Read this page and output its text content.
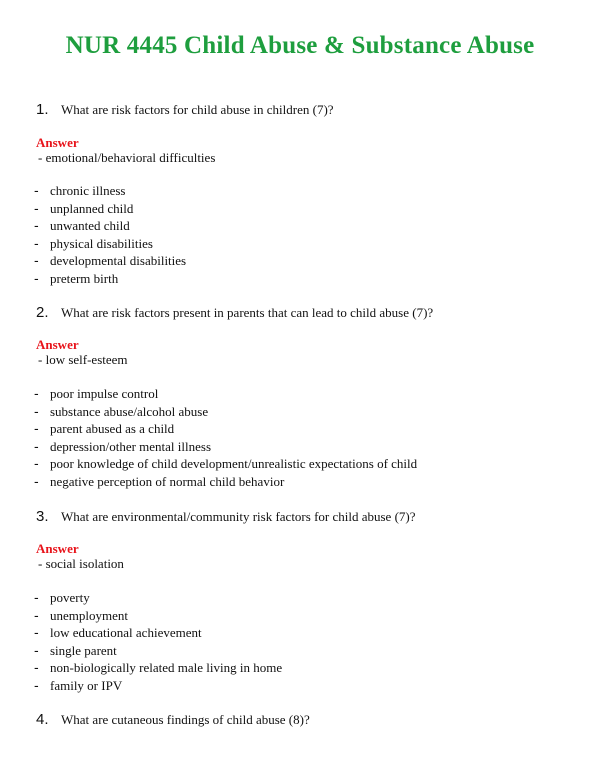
NUR 4445 Child Abuse & Substance Abuse
1. What are risk factors for child abuse in children (7)?
Answer
- emotional/behavioral difficulties
- chronic illness
- unplanned child
- unwanted child
- physical disabilities
- developmental disabilities
- preterm birth
2. What are risk factors present in parents that can lead to child abuse (7)?
Answer
- low self-esteem
- poor impulse control
- substance abuse/alcohol abuse
- parent abused as a child
- depression/other mental illness
- poor knowledge of child development/unrealistic expectations of child
- negative perception of normal child behavior
3. What are environmental/community risk factors for child abuse (7)?
Answer
- social isolation
- poverty
- unemployment
- low educational achievement
- single parent
- non-biologically related male living in home
- family or IPV
4. What are cutaneous findings of child abuse (8)?
